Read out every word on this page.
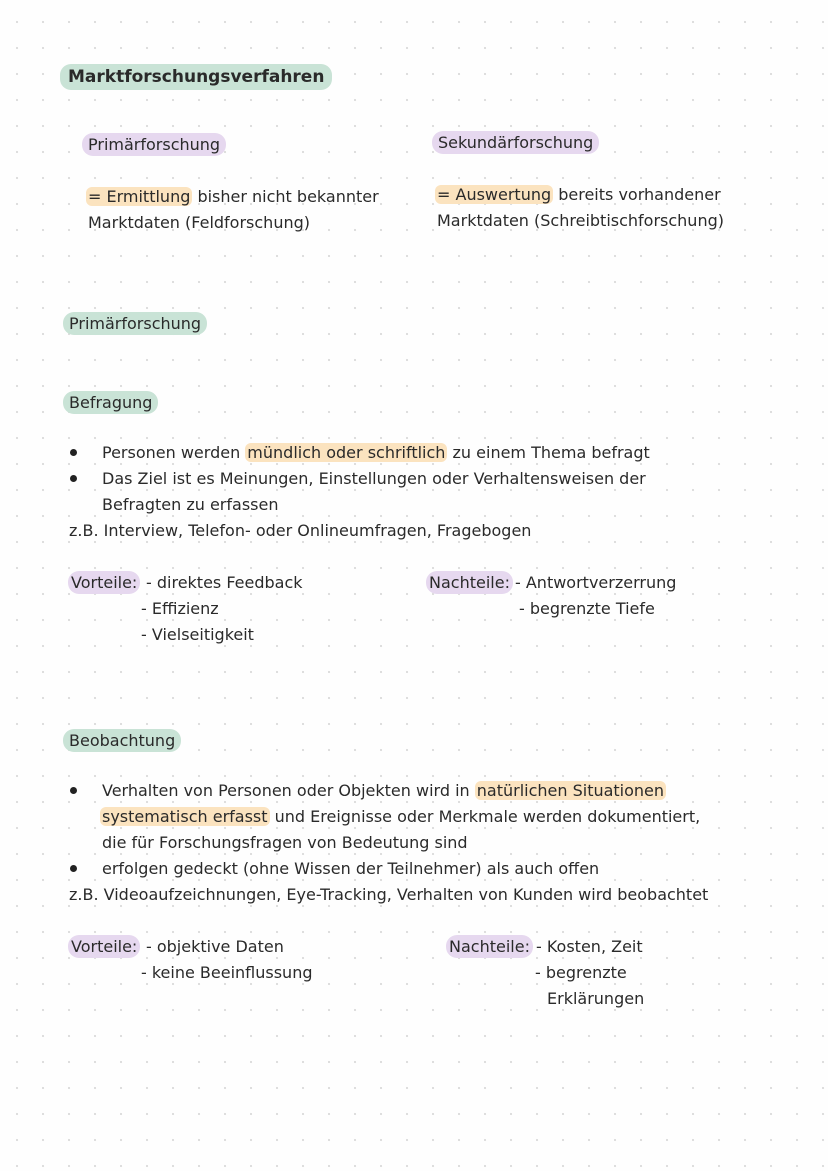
Marktforschungsverfahren
Primärforschung
= Ermittlung bisher nicht bekannter
Marktdaten (Feldforschung)
Sekundärforschung
= Auswertung bereits vorhandener
Marktdaten (Schreibtischforschung)
Primärforschung
Befragung
Personen werden mündlich oder schriftlich zu einem Thema befragt
Das Ziel ist es Meinungen, Einstellungen oder Verhaltensweisen der
Befragten zu erfassen
z.B. Interview, Telefon- oder Onlineumfragen, Fragebogen
Vorteile: - direktes Feedback
- Effizienz
- Vielseitigkeit
Nachteile: - Antwortverzerrung
- begrenzte Tiefe
Beobachtung
Verhalten von Personen oder Objekten wird in natürlichen Situationen
systematisch erfasst und Ereignisse oder Merkmale werden dokumentiert,
die für Forschungsfragen von Bedeutung sind
erfolgen gedeckt (ohne Wissen der Teilnehmer) als auch offen
z.B. Videoaufzeichnungen, Eye-Tracking, Verhalten von Kunden wird beobachtet
Vorteile: - objektive Daten
- keine Beeinflussung
Nachteile: - Kosten, Zeit
- begrenzte
Erklärungen
